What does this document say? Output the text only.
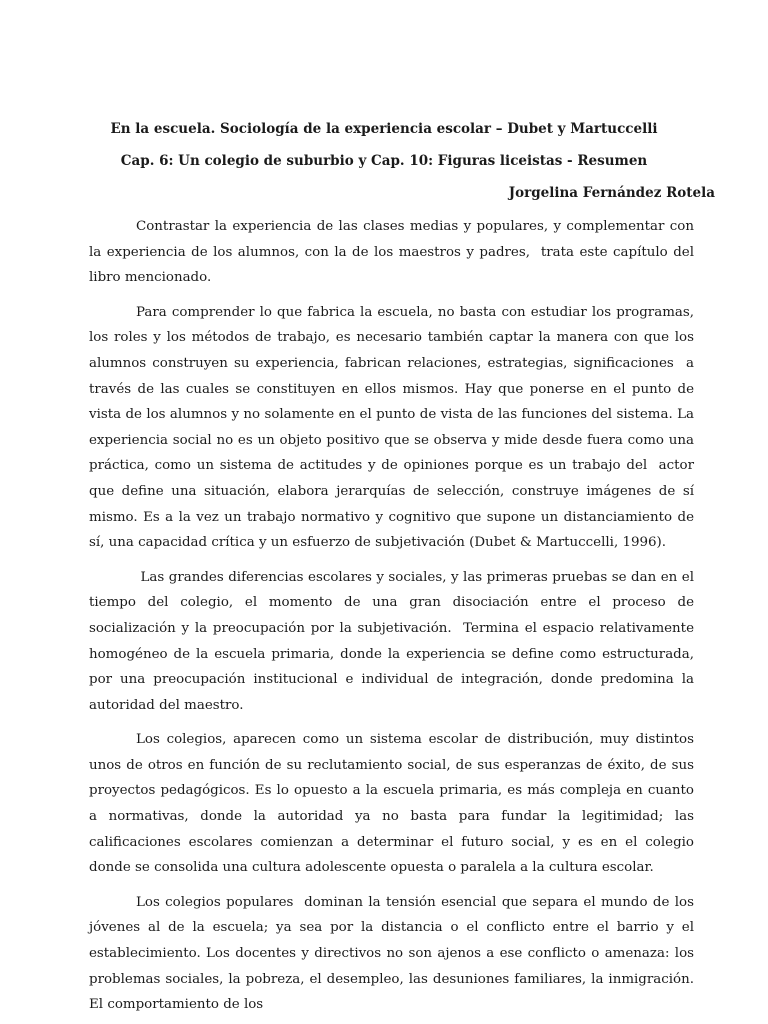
En la escuela. Sociología de la experiencia escolar – Dubet y Martuccelli
Cap. 6: Un colegio de suburbio y Cap. 10: Figuras liceistas - Resumen
Jorgelina Fernández Rotela

Contrastar la experiencia de las clases medias y populares, y complementar con la experiencia de los alumnos, con la de los maestros y padres,  trata este capítulo del libro mencionado.

Para comprender lo que fabrica la escuela, no basta con estudiar los programas, los roles y los métodos de trabajo, es necesario también captar la manera con que los alumnos construyen su experiencia, fabrican relaciones, estrategias, significaciones  a través de las cuales se constituyen en ellos mismos. Hay que ponerse en el punto de vista de los alumnos y no solamente en el punto de vista de las funciones del sistema. La experiencia social no es un objeto positivo que se observa y mide desde fuera como una práctica, como un sistema de actitudes y de opiniones porque es un trabajo del  actor que define una situación, elabora jerarquías de selección, construye imágenes de sí mismo. Es a la vez un trabajo normativo y cognitivo que supone un distanciamiento de sí, una capacidad crítica y un esfuerzo de subjetivación (Dubet & Martuccelli, 1996).

Las grandes diferencias escolares y sociales, y las primeras pruebas se dan en el tiempo del colegio, el momento de una gran disociación entre el proceso de socialización y la preocupación por la subjetivación.  Termina el espacio relativamente homogéneo de la escuela primaria, donde la experiencia se define como estructurada, por una preocupación institucional e individual de integración, donde predomina la autoridad del maestro.

Los colegios, aparecen como un sistema escolar de distribución, muy distintos unos de otros en función de su reclutamiento social, de sus esperanzas de éxito, de sus proyectos pedagógicos. Es lo opuesto a la escuela primaria, es más compleja en cuanto a normativas, donde la autoridad ya no basta para fundar la legitimidad; las calificaciones escolares comienzan a determinar el futuro social, y es en el colegio donde se consolida una cultura adolescente opuesta o paralela a la cultura escolar.

Los colegios populares  dominan la tensión esencial que separa el mundo de los jóvenes al de la escuela; ya sea por la distancia o el conflicto entre el barrio y el establecimiento. Los docentes y directivos no son ajenos a ese conflicto o amenaza: los problemas sociales, la pobreza, el desempleo, las desuniones familiares, la inmigración. El comportamiento de los
